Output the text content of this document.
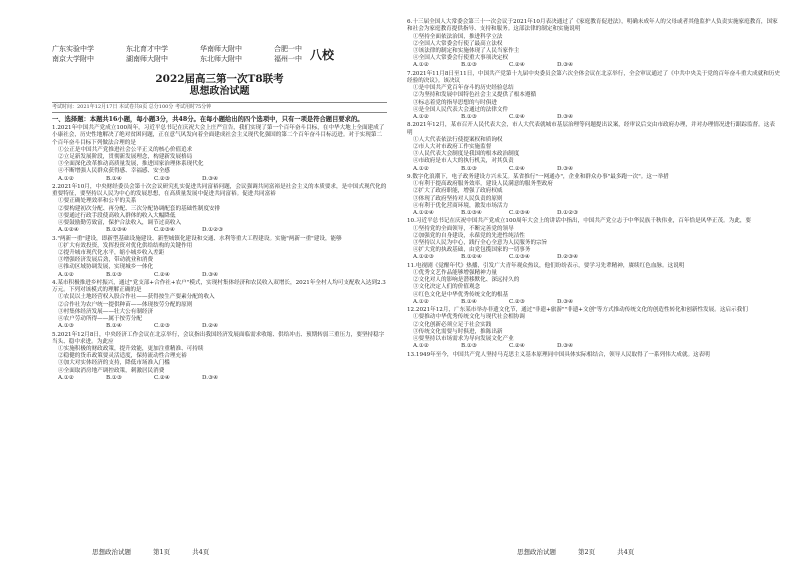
广东实验中学	东北育才中学	华南师大附中	合肥一中
南京大学附中	湖南师大附中	东北师大附中	福州一中 八校
2022届高三第一次T8联考
思想政治试题
考试时间：2021年12月17日 本试卷共8页 总分100分 考试用时75分钟
一、选择题：本题共16小题，每小题3分，共48分。在每小题给出的四个选项中，只有一项是符合题目要求的。
1.2021年中国共产党成立100周年，习近平总书记在庆祝大会上庄严宣告，我们实现了第一个百年奋斗目标，在中华大地上全面建成了小康社会，历史性地解决了绝对贫困问题，正在意气风发向着全面建成社会主义现代化强国的第二个百年奋斗目标迈进。对于实现第二个百年奋斗目标下列做法合理的是
①公正是中国共产党推进社会公平正义的核心价值追求
②立足新发展阶段，贯彻新发展理念，构建新发展格局
③全面深化改革推动高质量发展，推进国家治理体系现代化
④不断增强人民群众获得感、幸福感、安全感
A.①②	B.①④	C.②③	D.③④
2.2021年10月，中央财经委员会第十次会议研究扎实促进共同富裕问题，会议强调共同富裕是社会主义的本质要求，是中国式现代化的重要特征，要坚持以人民为中心的发展思想，在高质量发展中促进共同富裕。促进共同富裕
①要正确处理效率和公平的关系
②要构建初次分配、再分配、三次分配协调配套的基础性制度安排
③要通过行政手段使高收入群体的收入大幅降低
④要鼓励勤劳致富，保护合法收入，调节过高收入
A.①②④	B.①③④	C.②③④	D.①②③
3."两新一重"建设，即新型基础设施建设、新型城镇化建设和交通、水利等重大工程建设。实施"两新一重"建设，能够
①扩大有效投资，发挥投资对优化供给结构的关键作用
②提升城市现代化水平，缩小城乡收入差距
③增强经济发展后劲，带动就业和消费
④推动区域协调发展，实现城乡一体化
A.①②	B.①③	C.②④	D.③④
4.某市积极推进乡村振兴，通过"党支部+合作社+农户"模式，实现村集体经济和农民收入双增长，2021年全村人均可支配收入达到2.3万元。下列对该模式的理解正确的是
①农民以土地经营权入股合作社——获得按生产要素分配的收入
②合作社为农户统一提供种苗——体现按劳分配的原则
③村集体经济发展——壮大公有制经济
④农户劳动所得——属于按劳分配
A.①③	B.①④	C.②③	D.②④
5.2021年12月8日，中央经济工作会议在北京举行，会议指出我国经济发展面临需求收缩、供给冲击、预期转弱三重压力，要坚持稳字当头、稳中求进。为此应
①实施积极的财政政策，提升效能，更加注重精准、可持续
②稳健的货币政策要灵活适度，保持流动性合理充裕
③加大对实体经济的支持，降低市场准入门槛
④全面取消房地产调控政策，刺激居民消费
A.①②	B.①③	C.②④	D.③④
思想政治试题	第1页	共4页
6.十三届全国人大常委会第三十一次会议于2021年10月表决通过了《家庭教育促进法》，明确未成年人的父母或者其他监护人负责实施家庭教育，国家和社会为家庭教育提供指导、支持和服务。这部法律的制定和实施说明
①坚持全面依法治国，推进科学立法
②全国人大常委会行使了最高立法权
③该法律的制定和实施体现了人民当家作主
④全国人大常委会行使重大事项决定权
A.①②	B.①③	C.②④	D.③④
7.2021年11月8日至11日，中国共产党第十九届中央委员会第六次全体会议在北京举行，全会审议通过了《中共中央关于党的百年奋斗重大成就和历史经验的决议》。该决议
①是中国共产党百年奋斗的历史经验总结
②为坚持和发展中国特色社会主义提供了根本遵循
③标志着党的指导思想的与时俱进
④是全国人民代表大会通过的法律文件
A.①②	B.①③	C.②④	D.③④
8.2021年12月，某市召开人民代表大会，市人大代表就城市基层治理等问题提出议案，经审议后交由市政府办理，并对办理情况进行跟踪监督。这表明
①人大代表依法行使提案权和质询权
②市人大对市政府工作实施监督
③人民代表大会制度是我国的根本政治制度
④市政府是市人大的执行机关，对其负责
A.①②	B.①③	C.②④	D.③④
9.数字化浪潮下，电子政务建设方兴未艾。某省推行"一网通办"，企业和群众办事"最多跑一次"。这一举措
①有利于提高政府服务效率，建设人民满意的服务型政府
②扩大了政府职能，增强了政府权威
③体现了政府坚持对人民负责的原则
④有利于优化营商环境，激发市场活力
A.①②④	B.①③④	C.②③④	D.①②③
10.习近平总书记在庆祝中国共产党成立100周年大会上的讲话中指出，中国共产党立志于中华民族千秋伟业，百年恰是风华正茂。为此，要
①坚持党的全面领导，不断完善党的领导
②加强党的自身建设，永葆党的先进性纯洁性
③坚持以人民为中心，践行全心全意为人民服务的宗旨
④扩大党的执政基础，由党包揽国家的一切事务
A.①②③	B.①②④	C.①③④	D.②③④
11.电视剧《觉醒年代》热播，引发广大青年观众热议，他们纷纷表示，要学习先辈精神，赓续红色血脉。这说明
①优秀文艺作品能够增强精神力量
②文化对人的影响是潜移默化、深远持久的
③文化决定人们的价值观念
④红色文化是中华优秀传统文化的根基
A.①②	B.①④	C.②③	D.③④
12.2021年12月，广东某市举办非遗文化节，通过"非遗+旅游""非遗+文创"等方式推动传统文化的创造性转化和创新性发展。这启示我们
①要推动中华优秀传统文化与现代社会相协调
②文化创新必须立足于社会实践
③传统文化需要与时俱进，推陈出新
④要坚持以市场需求为导向发展文化产业
A.①②	B.①③	C.②④	D.③④
13.1949年至今，中国共产党人坚持马克思主义基本原理同中国具体实际相结合，领导人民取得了一系列伟大成就。这表明
思想政治试题	第2页	共4页
